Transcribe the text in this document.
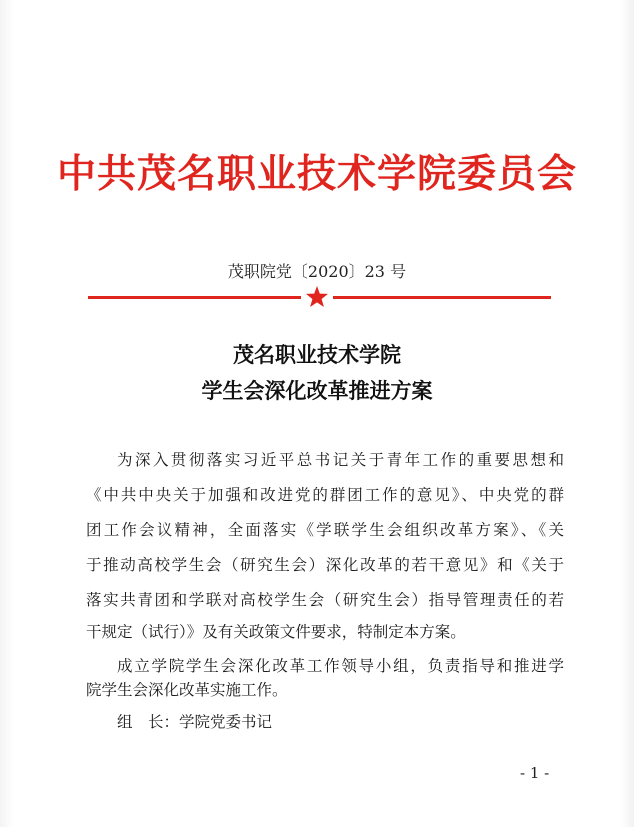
中共茂名职业技术学院委员会
茂职院党〔2020〕23 号
茂名职业技术学院
学生会深化改革推进方案
为深入贯彻落实习近平总书记关于青年工作的重要思想和
《中共中央关于加强和改进党的群团工作的意见》、中央党的群
团工作会议精神，全面落实《学联学生会组织改革方案》、《关
于推动高校学生会（研究生会）深化改革的若干意见》和《关于
落实共青团和学联对高校学生会（研究生会）指导管理责任的若
干规定（试行）》及有关政策文件要求，特制定本方案。
成立学院学生会深化改革工作领导小组，负责指导和推进学
院学生会深化改革实施工作。
组　长：学院党委书记
- 1 -
